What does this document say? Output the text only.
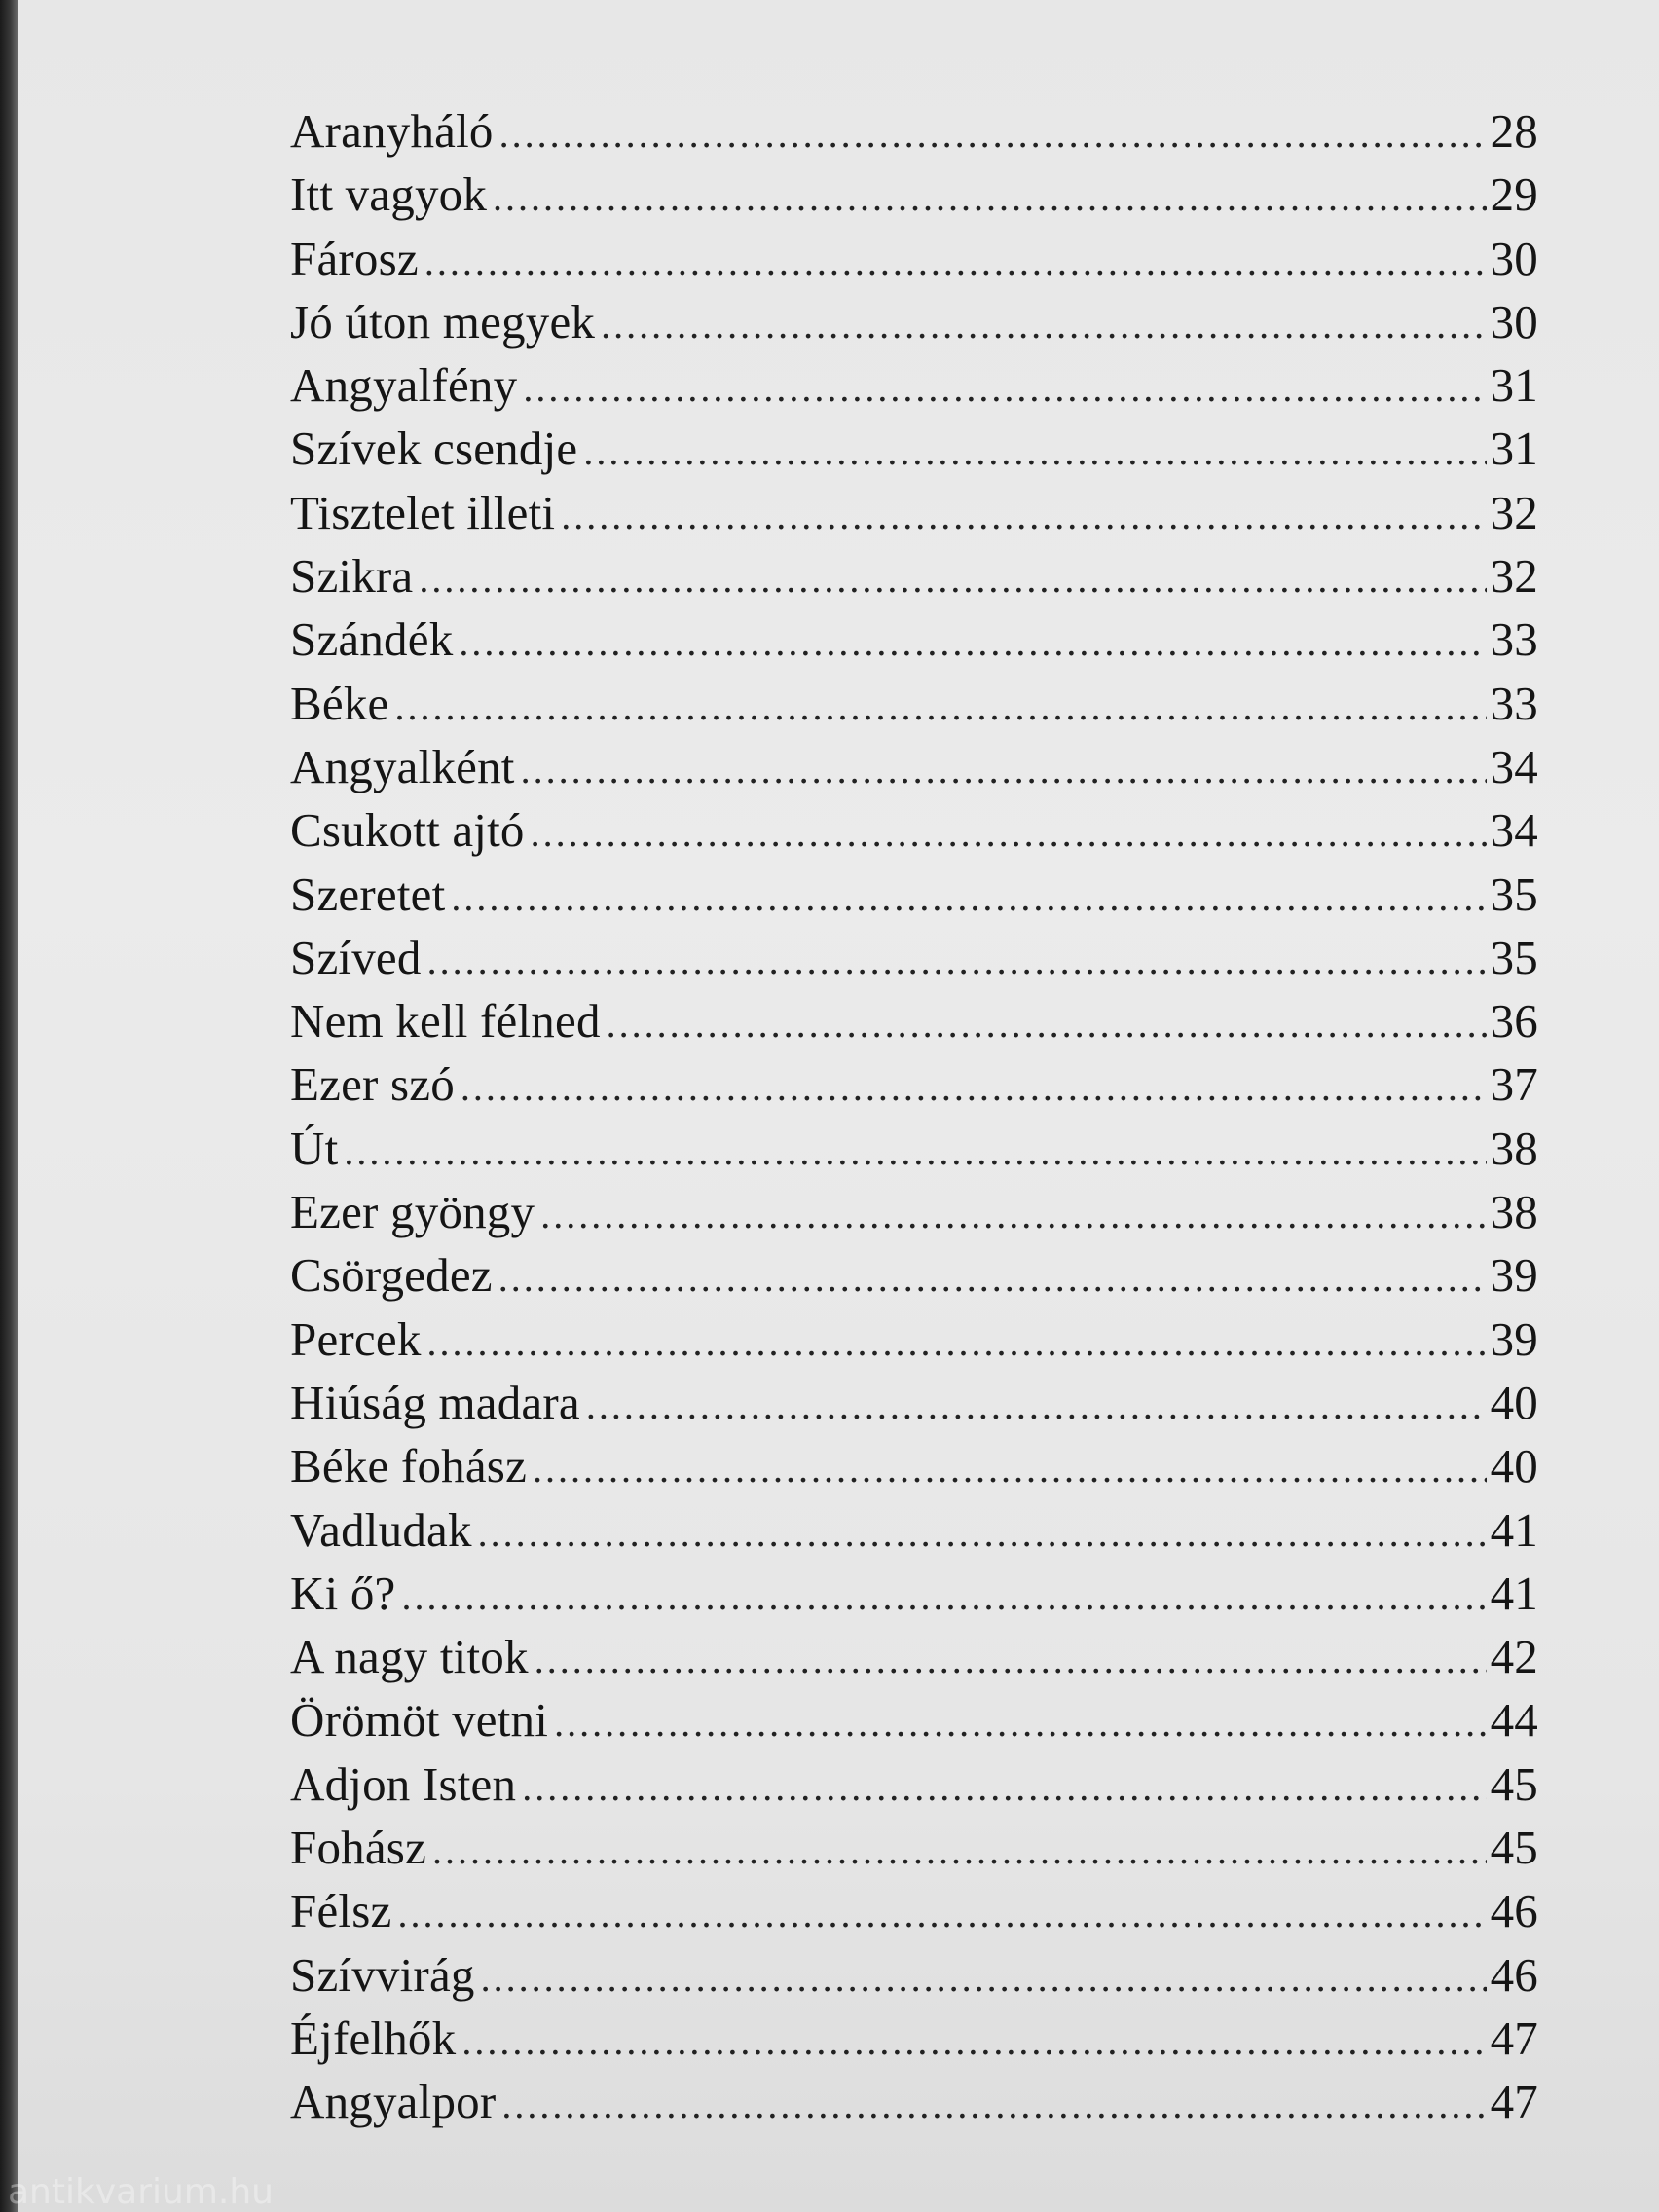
Aranyháló .....	28
Itt vagyok .....	29
Fárosz .....	30
Jó úton megyek .....	30
Angyalfény .....	31
Szívek csendje .....	31
Tisztelet illeti .....	32
Szikra .....	32
Szándék .....	33
Béke .....	33
Angyalként .....	34
Csukott ajtó .....	34
Szeretet .....	35
Szíved .....	35
Nem kell félned .....	36
Ezer szó .....	37
Út .....	38
Ezer gyöngy .....	38
Csörgedez .....	39
Percek .....	39
Hiúság madara .....	40
Béke fohász .....	40
Vadludak .....	41
Ki ő? .....	41
A nagy titok .....	42
Örömöt vetni .....	44
Adjon Isten .....	45
Fohász .....	45
Félsz .....	46
Szívvirág .....	46
Éjfelhők .....	47
Angyalpor .....	47
antikvarium.hu
